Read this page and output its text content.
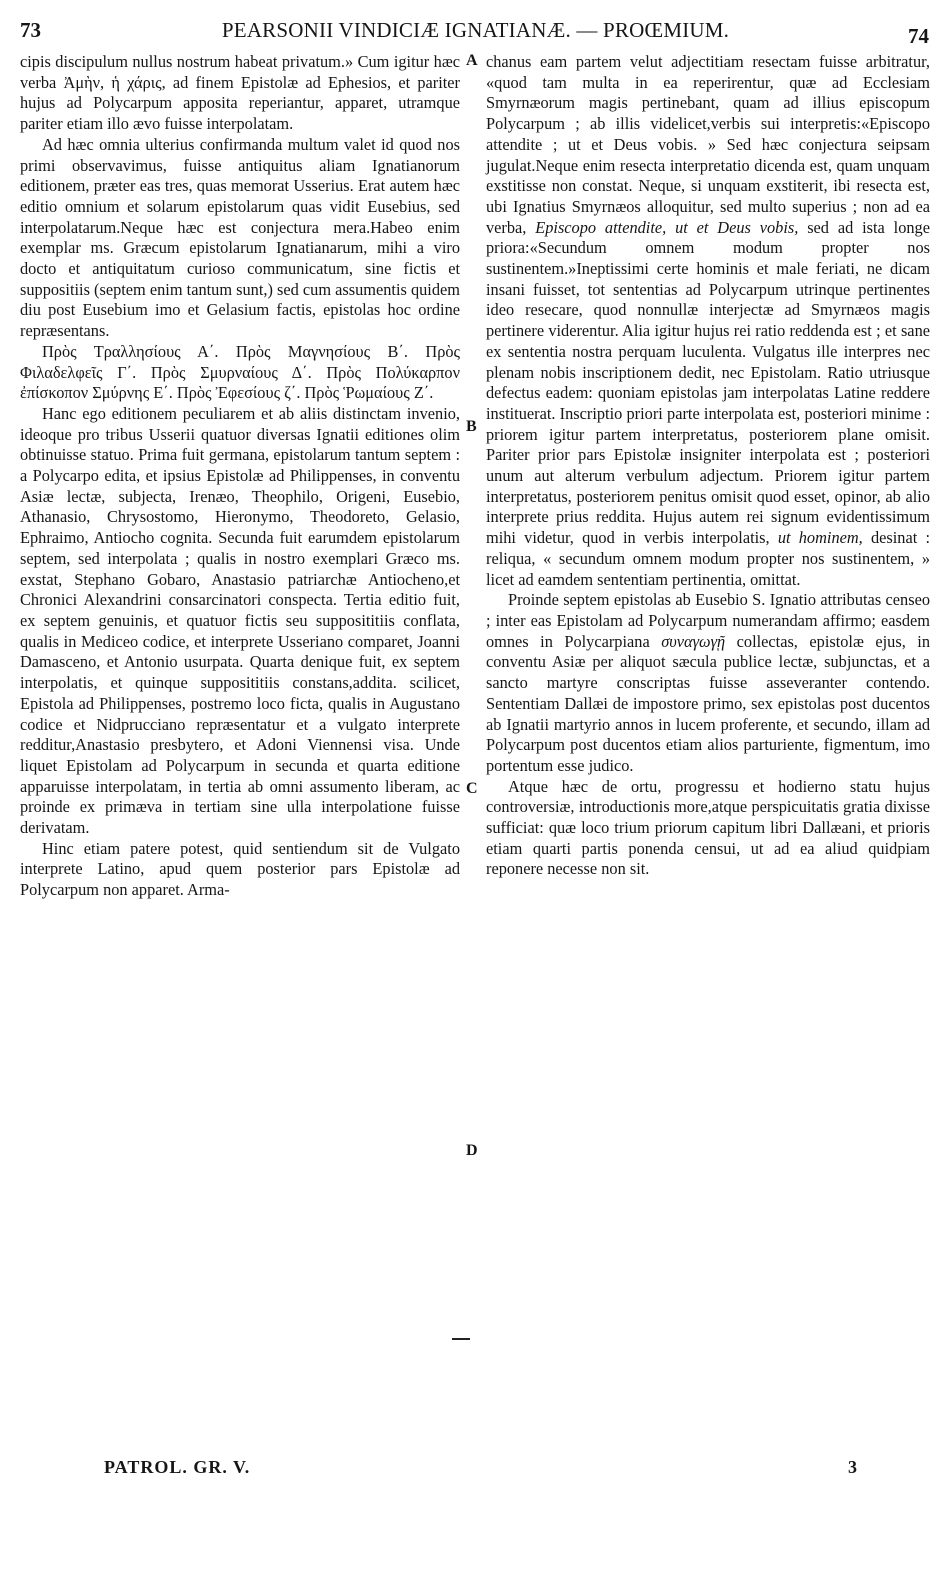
73	PEARSONII VINDICIÆ IGNATIANÆ. — PROŒMIUM.	74

cipis discipulum nullus nostrum habeat privatum.» Cum igitur hæc verba Ἀμὴν, ἡ χάρις, ad finem Epistolæ ad Ephesios, et pariter hujus ad Polycarpum apposita reperiantur, apparet, utramque pariter etiam illo ævo fuisse interpolatam.

Ad hæc omnia ulterius confirmanda multum valet id quod nos primi observavimus, fuisse antiquitus aliam Ignatianorum editionem, præter eas tres, quas memorat Usserius. Erat autem hæc editio omnium et solarum epistolarum quas vidit Eusebius, sed interpolatarum.Neque hæc est conjectura mera.Habeo enim exemplar ms. Græcum epistolarum Ignatianarum, mihi a viro docto et antiquitatum curioso communicatum, sine fictis et suppositiis (septem enim tantum sunt,) sed cum assumentis quidem diu post Eusebium imo et Gelasium factis, epistolas hoc ordine repræsentans.

Πρὸς Τραλλησίους Α΄. Πρὸς Μαγνησίους Β΄. Πρὸς Φιλαδελφεῖς Γ΄. Πρὸς Σμυρναίους Δ΄. Πρὸς Πολύκαρπον ἐπίσκοπον Σμύρνης Ε΄. Πρὸς Ἐφεσίους ζ΄. Πρὸς Ῥωμαίους Ζ΄.

Hanc ego editionem peculiarem et ab aliis distinctam invenio, ideoque pro tribus Usserii quatuor diversas Ignatii editiones olim obtinuisse statuo. Prima fuit germana, epistolarum tantum septem : a Polycarpo edita, et ipsius Epistolæ ad Philippenses, in conventu Asiæ lectæ, subjecta, Irenæo, Theophilo, Origeni, Eusebio, Athanasio, Chrysostomo, Hieronymo, Theodoreto, Gelasio, Ephraimo, Antiocho cognita. Secunda fuit earumdem epistolarum septem, sed interpolata ; qualis in nostro exemplari Græco ms. exstat, Stephano Gobaro, Anastasio patriarchæ Antiocheno,et Chronici Alexandrini consarcinatori conspecta. Tertia editio fuit, ex septem genuinis, et quatuor fictis seu supposititiis conflata, qualis in Mediceo codice, et interprete Usseriano comparet, Joanni Damasceno, et Antonio usurpata. Quarta denique fuit, ex septem interpolatis, et quinque supposititiis constans,addita. scilicet, Epistola ad Philippenses, postremo loco ficta, qualis in Augustano codice et Nidprucciano repræsentatur et a vulgato interprete redditur,Anastasio presbytero, et Adoni Viennensi visa. Unde liquet Epistolam ad Polycarpum in secunda et quarta editione apparuisse interpolatam, in tertia ab omni assumento liberam, ac proinde ex primæva in tertiam sine ulla interpolatione fuisse derivatam.

Hinc etiam patere potest, quid sentiendum sit de Vulgato interprete Latino, apud quem posterior pars Epistolæ ad Polycarpum non apparet. Arma-

chanus eam partem velut adjectitiam resectam fuisse arbitratur, «quod tam multa in ea reperirentur, quæ ad Ecclesiam Smyrnæorum magis pertinebant, quam ad illius episcopum Polycarpum ; ab illis videlicet,verbis sui interpretis:«Episcopo attendite ; ut et Deus vobis. » Sed hæc conjectura seipsam jugulat.Neque enim resecta interpretatio dicenda est, quam unquam exstitisse non constat. Neque, si unquam exstiterit, ibi resecta est, ubi Ignatius Smyrnæos alloquitur, sed multo superius ; non ad ea verba, Episcopo attendite, ut et Deus vobis, sed ad ista longe priora:«Secundum omnem modum propter nos sustinentem.»Ineptissimi certe hominis et male feriati, ne dicam insani fuisset, tot sententias ad Polycarpum utrinque pertinentes ideo resecare, quod nonnullæ interjectæ ad Smyrnæos magis pertinere viderentur. Alia igitur hujus rei ratio reddenda est ; et sane ex sententia nostra perquam luculenta. Vulgatus ille interpres nec plenam nobis inscriptionem dedit, nec Epistolam. Ratio utriusque defectus eadem: quoniam epistolas jam interpolatas Latine reddere instituerat. Inscriptio priori parte interpolata est, posteriori minime : priorem igitur partem interpretatus, posteriorem plane omisit. Pariter prior pars Epistolæ insigniter interpolata est ; posteriori unum aut alterum verbulum adjectum. Priorem igitur partem interpretatus, posteriorem penitus omisit quod esset, opinor, ab alio interprete prius reddita. Hujus autem rei signum evidentissimum mihi videtur, quod in verbis interpolatis, ut hominem, desinat : reliqua, « secundum omnem modum propter nos sustinentem, » licet ad eamdem sententiam pertinentia, omittat.

Proinde septem epistolas ab Eusebio S. Ignatio attributas censeo ; inter eas Epistolam ad Polycarpum numerandam affirmo; easdem omnes in Polycarpiana συναγωγῇ collectas, epistolæ ejus, in conventu Asiæ per aliquot sæcula publice lectæ, subjunctas, et a sancto martyre conscriptas fuisse asseveranter contendo. Sententiam Dallæi de impostore primo, sex epistolas post ducentos ab Ignatii martyrio annos in lucem proferente, et secundo, illam ad Polycarpum post ducentos etiam alios parturiente, figmentum, imo portentum esse judico.

Atque hæc de ortu, progressu et hodierno statu hujus controversiæ, introductionis more,atque perspicuitatis gratia dixisse sufficiat: quæ loco trium priorum capitum libri Dallæani, et prioris etiam quarti partis ponenda censui, ut ad ea aliud quidpiam reponere necesse non sit.

A
B
C
D
PATROL. GR. V.	3
